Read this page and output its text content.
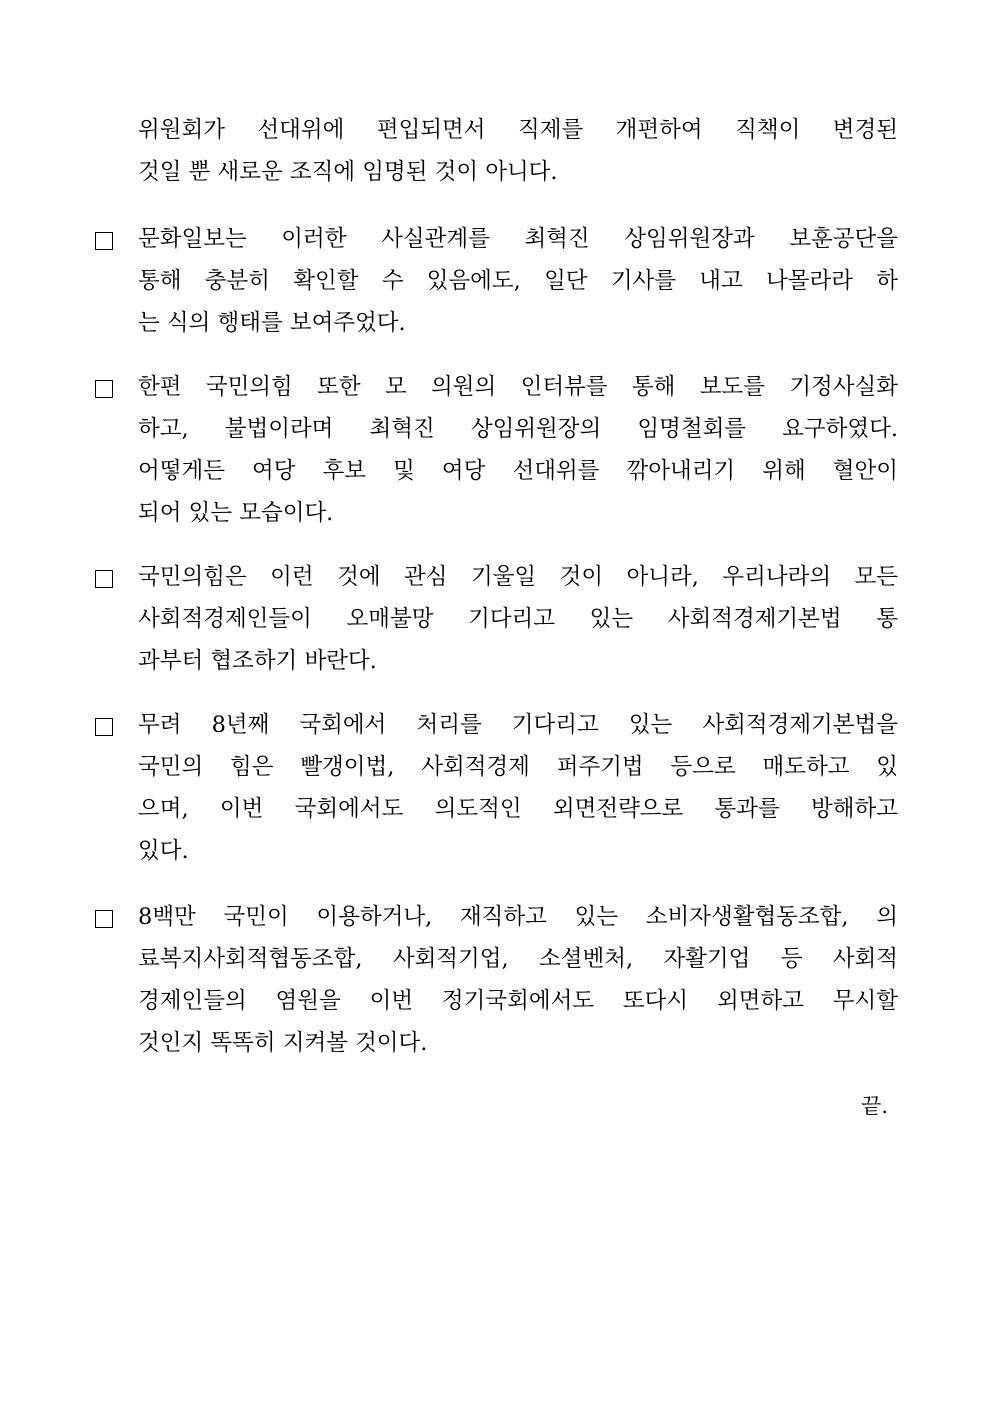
위원회가 선대위에 편입되면서 직제를 개편하여 직책이 변경된
것일 뿐 새로운 조직에 임명된 것이 아니다.
문화일보는 이러한 사실관계를 최혁진 상임위원장과 보훈공단을
통해 충분히 확인할 수 있음에도, 일단 기사를 내고 나몰라라 하
는 식의 행태를 보여주었다.
한편 국민의힘 또한 모 의원의 인터뷰를 통해 보도를 기정사실화
하고, 불법이라며 최혁진 상임위원장의 임명철회를 요구하였다.
어떻게든 여당 후보 및 여당 선대위를 깎아내리기 위해 혈안이
되어 있는 모습이다.
국민의힘은 이런 것에 관심 기울일 것이 아니라, 우리나라의 모든
사회적경제인들이 오매불망 기다리고 있는 사회적경제기본법 통
과부터 협조하기 바란다.
무려 8년째 국회에서 처리를 기다리고 있는 사회적경제기본법을
국민의 힘은 빨갱이법, 사회적경제 퍼주기법 등으로 매도하고 있
으며, 이번 국회에서도 의도적인 외면전략으로 통과를 방해하고
있다.
8백만 국민이 이용하거나, 재직하고 있는 소비자생활협동조합, 의
료복지사회적협동조합, 사회적기업, 소셜벤처, 자활기업 등 사회적
경제인들의 염원을 이번 정기국회에서도 또다시 외면하고 무시할
것인지 똑똑히 지켜볼 것이다.
끝.
